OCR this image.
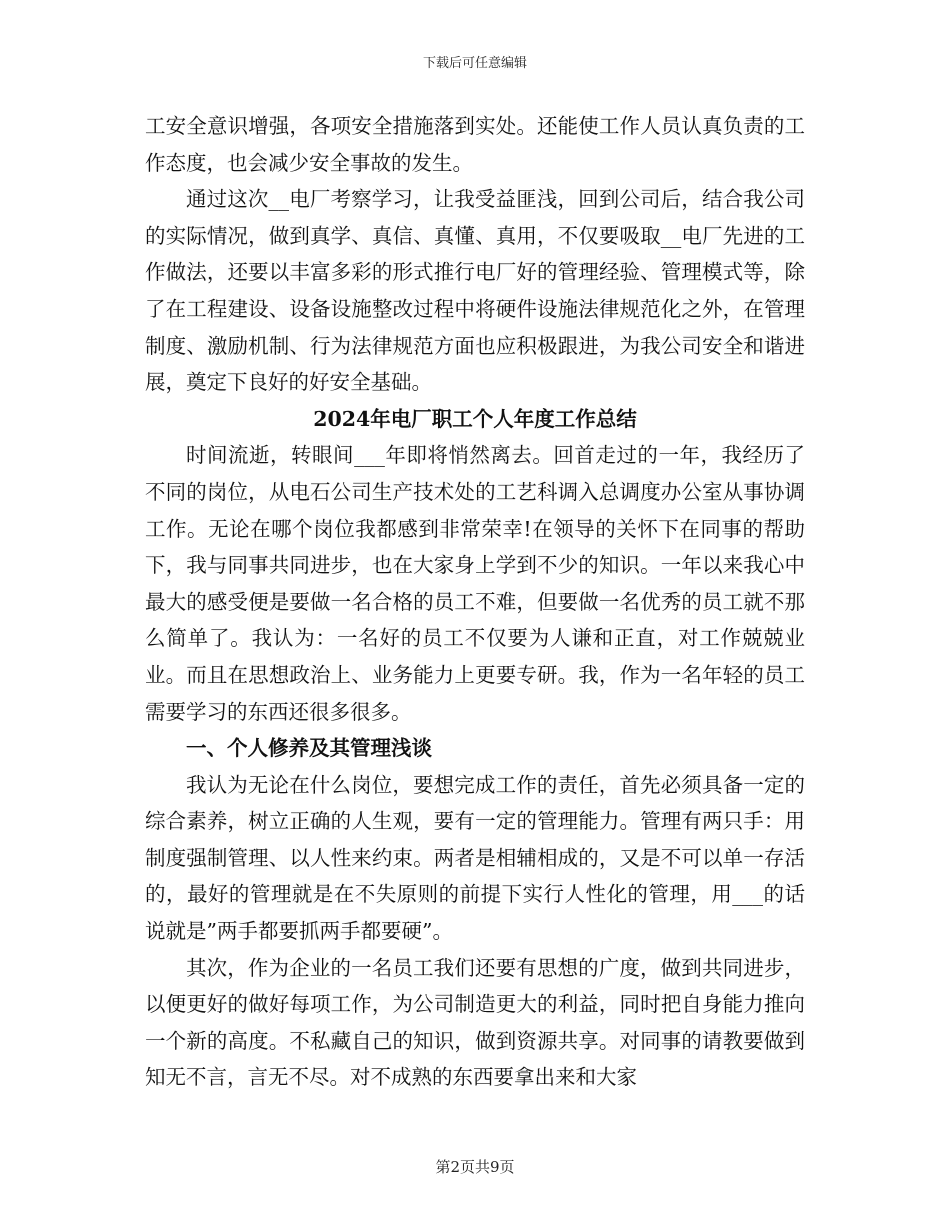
下载后可任意编辑

工安全意识增强，各项安全措施落到实处。还能使工作人员认真负责的工作态度，也会减少安全事故的发生。

通过这次__电厂考察学习，让我受益匪浅，回到公司后，结合我公司的实际情况，做到真学、真信、真懂、真用，不仅要吸取__电厂先进的工作做法，还要以丰富多彩的形式推行电厂好的管理经验、管理模式等，除了在工程建设、设备设施整改过程中将硬件设施法律规范化之外，在管理制度、激励机制、行为法律规范方面也应积极跟进，为我公司安全和谐进展，奠定下良好的好安全基础。

2024年电厂职工个人年度工作总结

时间流逝，转眼间___年即将悄然离去。回首走过的一年，我经历了不同的岗位，从电石公司生产技术处的工艺科调入总调度办公室从事协调工作。无论在哪个岗位我都感到非常荣幸!在领导的关怀下在同事的帮助下，我与同事共同进步，也在大家身上学到不少的知识。一年以来我心中最大的感受便是要做一名合格的员工不难，但要做一名优秀的员工就不那么简单了。我认为：一名好的员工不仅要为人谦和正直，对工作兢兢业业。而且在思想政治上、业务能力上更要专研。我，作为一名年轻的员工需要学习的东西还很多很多。

一、个人修养及其管理浅谈

我认为无论在什么岗位，要想完成工作的责任，首先必须具备一定的综合素养，树立正确的人生观，要有一定的管理能力。管理有两只手：用制度强制管理、以人性来约束。两者是相辅相成的，又是不可以单一存活的，最好的管理就是在不失原则的前提下实行人性化的管理，用___的话说就是”两手都要抓两手都要硬”。

其次，作为企业的一名员工我们还要有思想的广度，做到共同进步，以便更好的做好每项工作，为公司制造更大的利益，同时把自身能力推向一个新的高度。不私藏自己的知识，做到资源共享。对同事的请教要做到知无不言，言无不尽。对不成熟的东西要拿出来和大家

第2页共9页
